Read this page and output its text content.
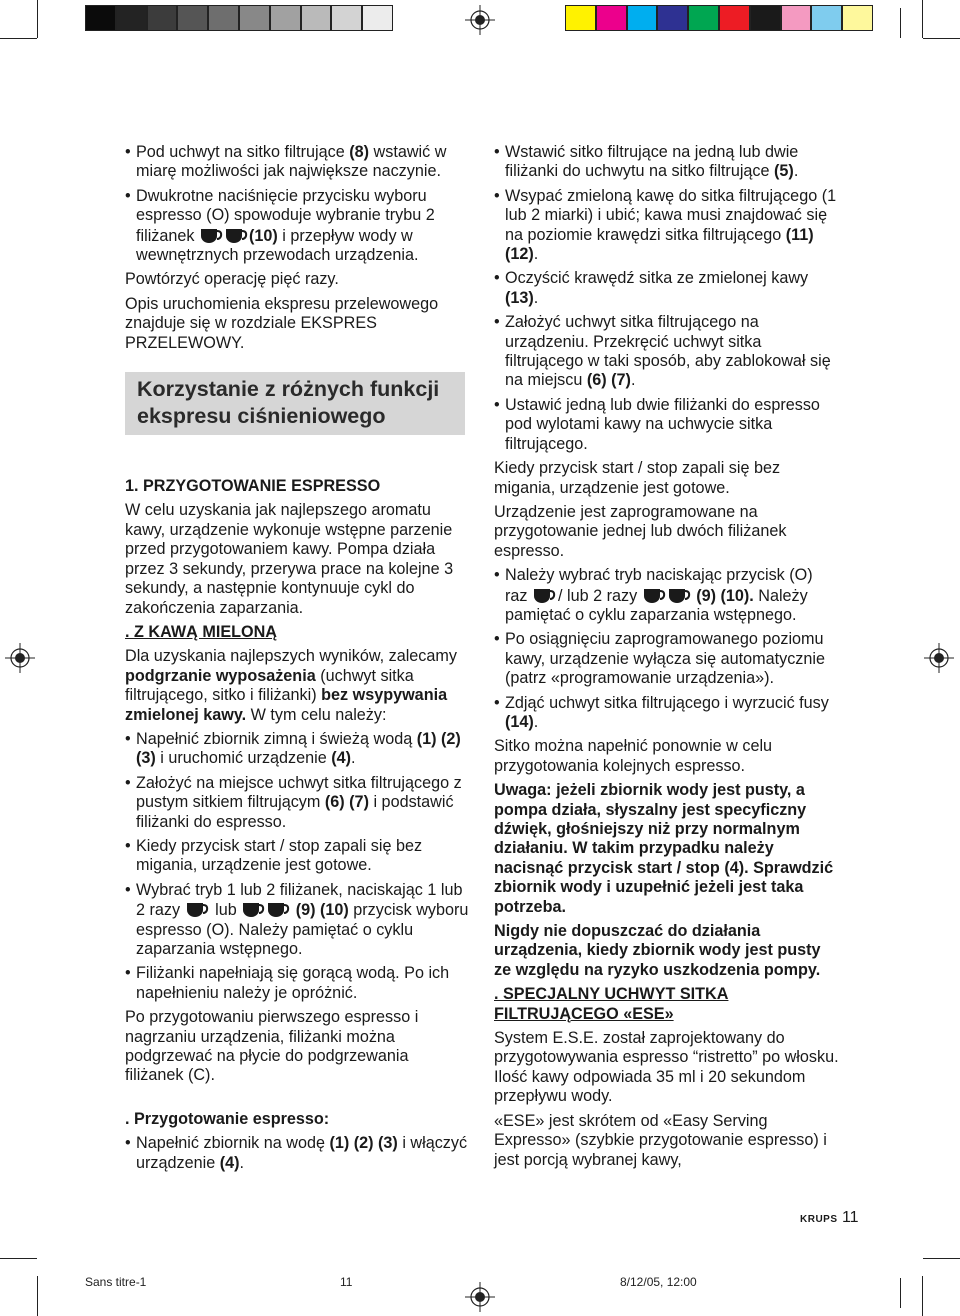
• Pod uchwyt na sitko filtrujące (8) wstawić w miarę możliwości jak największe naczynie.
• Dwukrotne naciśnięcie przycisku wyboru espresso (O) spowoduje wybranie trybu 2 filiżanek	(10) i przepływ wody w wewnętrznych przewodach urządzenia.

Powtórzyć operację pięć razy.

Opis uruchomienia ekspresu przelewowego znajduje się w rozdziale EKSPRES PRZELEWOWY.

Korzystanie z różnych funkcji ekspresu ciśnieniowego

1. PRZYGOTOWANIE ESPRESSO

W celu uzyskania jak najlepszego aromatu kawy, urządzenie wykonuje wstępne parzenie przed przygotowaniem kawy. Pompa działa przez 3 sekundy, przerywa prace na kolejne 3 sekundy, a następnie kontynuuje cykl do zakończenia zaparzania.

. Z KAWĄ MIELONĄ

Dla uzyskania najlepszych wyników, zalecamy podgrzanie wyposażenia (uchwyt sitka filtrującego, sitko i filiżanki) bez wsypywania zmielonej kawy. W tym celu należy:

• Napełnić zbiornik zimną i świeżą wodą (1) (2) (3) i uruchomić urządzenie (4).
• Założyć na miejsce uchwyt sitka filtrującego z pustym sitkiem filtrującym (6) (7) i podstawić filiżanki do espresso.
• Kiedy przycisk start / stop zapali się bez migania, urządzenie jest gotowe.
• Wybrać tryb 1 lub 2 filiżanek, naciskając 1 lub 2 razy  lub	(9) (10) przycisk wyboru espresso (O). Należy pamiętać o cyklu zaparzania wstępnego.
• Filiżanki napełniają się gorącą wodą. Po ich napełnieniu należy je opróżnić.

Po przygotowaniu pierwszego espresso i nagrzaniu urządzenia, filiżanki można podgrzewać na płycie do podgrzewania filiżanek (C).

. Przygotowanie espresso:

• Napełnić zbiornik na wodę (1) (2) (3) i włączyć urządzenie (4).
• Wstawić sitko filtrujące na jedną lub dwie filiżanki do uchwytu na sitko filtrujące (5).
• Wsypać zmieloną kawę do sitka filtrującego (1 lub 2 miarki) i ubić; kawa musi znajdować się na poziomie krawędzi sitka filtrującego (11) (12).
• Oczyścić krawędź sitka ze zmielonej kawy (13).
• Założyć uchwyt sitka filtrującego na urządzeniu. Przekręcić uchwyt sitka filtrującego w taki sposób, aby zablokował się na miejscu (6) (7).
• Ustawić jedną lub dwie filiżanki do espresso pod wylotami kawy na uchwycie sitka filtrującego.

Kiedy przycisk start / stop zapali się bez migania, urządzenie jest gotowe.

Urządzenie jest zaprogramowane na przygotowanie jednej lub dwóch filiżanek espresso.

• Należy wybrać tryb naciskając przycisk (O) raz / lub 2 razy	(9) (10). Należy pamiętać o cyklu zaparzania wstępnego.
• Po osiągnięciu zaprogramowanego poziomu kawy, urządzenie wyłącza się automatycznie (patrz «programowanie urządzenia»).
• Zdjąć uchwyt sitka filtrującego i wyrzucić fusy (14).

Sitko można napełnić ponownie w celu przygotowania kolejnych espresso.

Uwaga: jeżeli zbiornik wody jest pusty, a pompa działa, słyszalny jest specyficzny dźwięk, głośniejszy niż przy normalnym działaniu. W takim przypadku należy nacisnąć przycisk start / stop (4). Sprawdzić zbiornik wody i uzupełnić jeżeli jest taka potrzeba.

Nigdy nie dopuszczać do działania urządzenia, kiedy zbiornik wody jest pusty ze względu na ryzyko uszkodzenia pompy.

. SPECJALNY UCHWYT SITKA FILTRUJĄCEGO «ESE»

System E.S.E. został zaprojektowany do przygotowywania espresso “ristretto” po włosku. Ilość kawy odpowiada 35 ml i 20 sekundom przepływu wody.

«ESE» jest skrótem od «Easy Serving Expresso» (szybkie przygotowanie espresso) i jest porcją wybranej kawy,

KRUPS 11
Sans titre-1	11	8/12/05, 12:00
